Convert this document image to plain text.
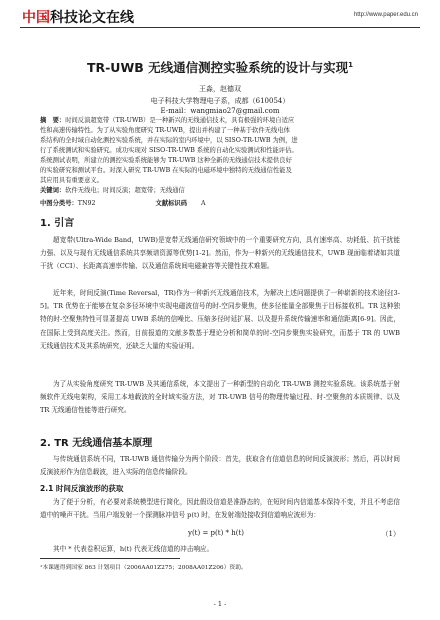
中国科技论文在线	http://www.paper.edu.cn
TR-UWB 无线通信测控实验系统的设计与实现$^1$
王淼，赵德双
电子科技大学物理电子系，成都（610054）
E-mail：wangmiao27@gmail.com
摘　要：时间反演超宽带（TR-UWB）是一种新兴的无线通信技术，具有极强的环境自适应
性和高速传输特性。为了从实验角度研究 TR-UWB，提出并构建了一种基于软件无线电体
系结构的全时域自动化测控实验系统，并在实际的室内环境中，以 SISO-TR-UWB 为例，进
行了系统测试和实验研究。成功实现对 SISO-TR-UWB 系统的自动化实验测试和性能评估。
系统测试表明，所建立的测控实验系统能够为 TR-UWB 这种全新的无线通信技术提供良好
的实验研究和测试平台。对深入研究 TR-UWB 在实际的电磁环境中独特的无线通信性能及
其应用具有重要意义。
关键词：软件无线电；时间反演；超宽带；无线通信
中图分类号：TN92	文献标识码 A
1. 引言
超宽带(Ultra-Wide Band，UWB)是宽带无线通信研究领域中的一个重要研究方向，具有速率高、功耗低、抗干扰能力强、以及与现有无线通信系统共享频谱资源等优势[1-2]。然而，作为一种新兴的无线通信技术，UWB 现面临着诸如共道干扰（CCI）、长距离高速率传输、以及通信系统间电磁兼容等关键性技术难题。
近年来，时间反演(Time Reversal，TR)作为一种新兴无线通信技术，为解决上述问题提供了一种崭新的技术途径[3-5]。TR 优势在于能够在复杂多径环境中实现电磁波信号的时-空同步聚焦，使多径能量全部聚焦于目标接收机。TR 这种独特的时-空聚焦特性可显著提高 UWB 系统的信噪比、压缩多径时延扩展、以及提升系统传输速率和通信距离[6-9]。因此，在国际上受到高度关注。然而，目前报道的文献多数基于理论分析和简单的时-空同步聚焦实验研究，而基于 TR 的 UWB 无线通信技术及其系统研究，还缺乏大量的实验证明。
为了从实验角度研究 TR-UWB 及其通信系统，本文提出了一种新型的自动化 TR-UWB 测控实验系统。该系统基于射频软件无线电架构，采用工本地载波的全时域实验方法，对 TR-UWB 信号的物理传输过程、时-空聚焦的本质规律、以及 TR 无线通信性能等进行研究。
2. TR 无线通信基本原理
与传统通信系统不同，TR-UWB 通信传输分为两个阶段：首先，获取含有信道信息的时间反演波形；然后，再以时间反演波形作为信息载波，进入实际的信息传输阶段。
2.1 时间反演波形的获取
为了便于分析，有必要对系统模型进行简化，因此假设信道是准静态的，在短时间内信道基本保持不变，并且不考虑信道中的噪声干扰。当用户端发射一个探测脉冲信号 p(t) 时，在发射端处接收到信道响应波形为：
y(t) = p(t) * h(t)	（1）
其中 * 代表卷积运算，h(t) 代表无线信道的冲击响应。
¹本课题得到国家 863 计划项目（2006AA01Z275；2008AA01Z206）资助。
- 1 -
